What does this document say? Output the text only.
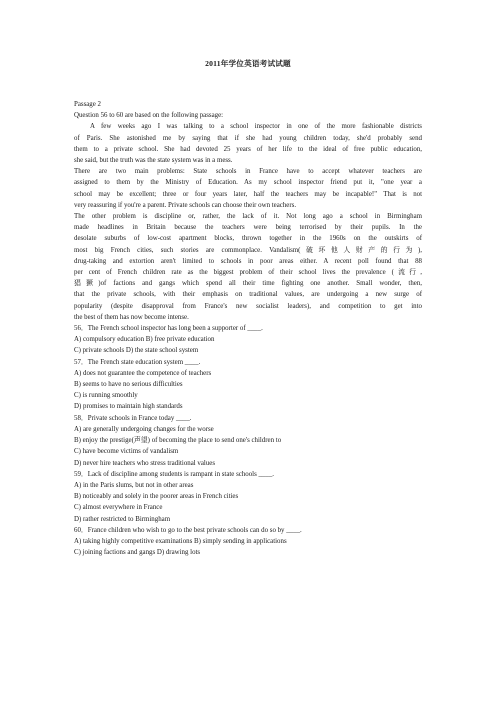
2011年学位英语考试试题

Passage 2

Question 56 to 60 are based on the following passage:

A few weeks ago I was talking to a school inspector in one of the more fashionable districts

of Paris. She astonished me by saying that if she had young children today, she'd probably send

them to a private school. She had devoted 25 years of her life to the ideal of free public education,

she said, but the truth was the state system was in a mess.

There are two main problems: State schools in France have to accept whatever teachers are

assigned to them by the Ministry of Education. As my school inspector friend put it, "one year a

school may be excellent; three or four years later, half the teachers may be incapable!" That is not

very reassuring if you're a parent. Private schools can choose their own teachers.

The other problem is discipline or, rather, the lack of it. Not long ago a school in Birmingham

made headlines in Britain because the teachers were being terrorised by their pupils. In the

desolate suburbs of low-cost apartment blocks, thrown together in the 1960s on the outskirts of

most big French cities, such stories are commonplace. Vandalism(破坏他人财产的行为),

drug-taking and extortion aren't limited to schools in poor areas either. A recent poll found that 88

per cent of French children rate as the biggest problem of their school lives the prevalence (流行,

猖獗)of factions and gangs which spend all their time fighting one another. Small wonder, then,

that the private schools, with their emphasis on traditional values, are undergoing a new surge of

popularity (despite disapproval from France's new socialist leaders), and competition to get into

the best of them has now become intense.

56．The French school inspector has long been a supporter of ____.

A) compulsory education B) free private education

C) private schools D) the state school system

57．The French state education system ____.

A) does not guarantee the competence of teachers

B) seems to have no serious difficulties

C) is running smoothly

D) promises to maintain high standards

58．Private schools in France today ____.

A) are generally undergoing changes for the worse

B) enjoy the prestige(声望) of becoming the place to send one's children to

C) have become victims of vandalism

D) never hire teachers who stress traditional values

59．Lack of discipline among students is rampant in state schools ____.

A) in the Paris slums, but not in other areas

B) noticeably and solely in the poorer areas in French cities

C) almost everywhere in France

D) rather restricted to Birmingham

60．France children who wish to go to the best private schools can do so by ____.

A) taking highly competitive examinations B) simply sending in applications

C) joining factions and gangs D) drawing lots
